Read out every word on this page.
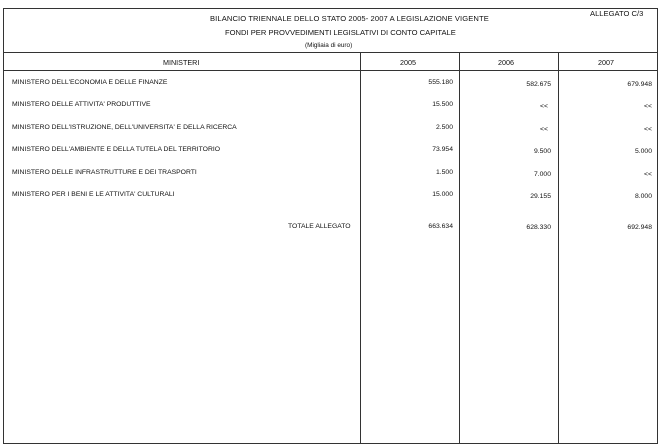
ALLEGATO C/3
BILANCIO TRIENNALE DELLO STATO 2005- 2007 A LEGISLAZIONE VIGENTE
FONDI PER PROVVEDIMENTI LEGISLATIVI DI CONTO CAPITALE
(Migliaia di euro)
MINISTERI	2005	2006	2007
MINISTERO DELL'ECONOMIA E DELLE FINANZE	555.180	582.675	679.948
MINISTERO DELLE ATTIVITA' PRODUTTIVE	15.500	<<	<<
MINISTERO DELL'ISTRUZIONE, DELL'UNIVERSITA' E DELLA RICERCA	2.500	<<	<<
MINISTERO DELL'AMBIENTE E DELLA TUTELA DEL TERRITORIO	73.954	9.500	5.000
MINISTERO DELLE INFRASTRUTTURE E DEI TRASPORTI	1.500	7.000	<<
MINISTERO PER I BENI E LE ATTIVITA' CULTURALI	15.000	29.155	8.000
TOTALE ALLEGATO	663.634	628.330	692.948
